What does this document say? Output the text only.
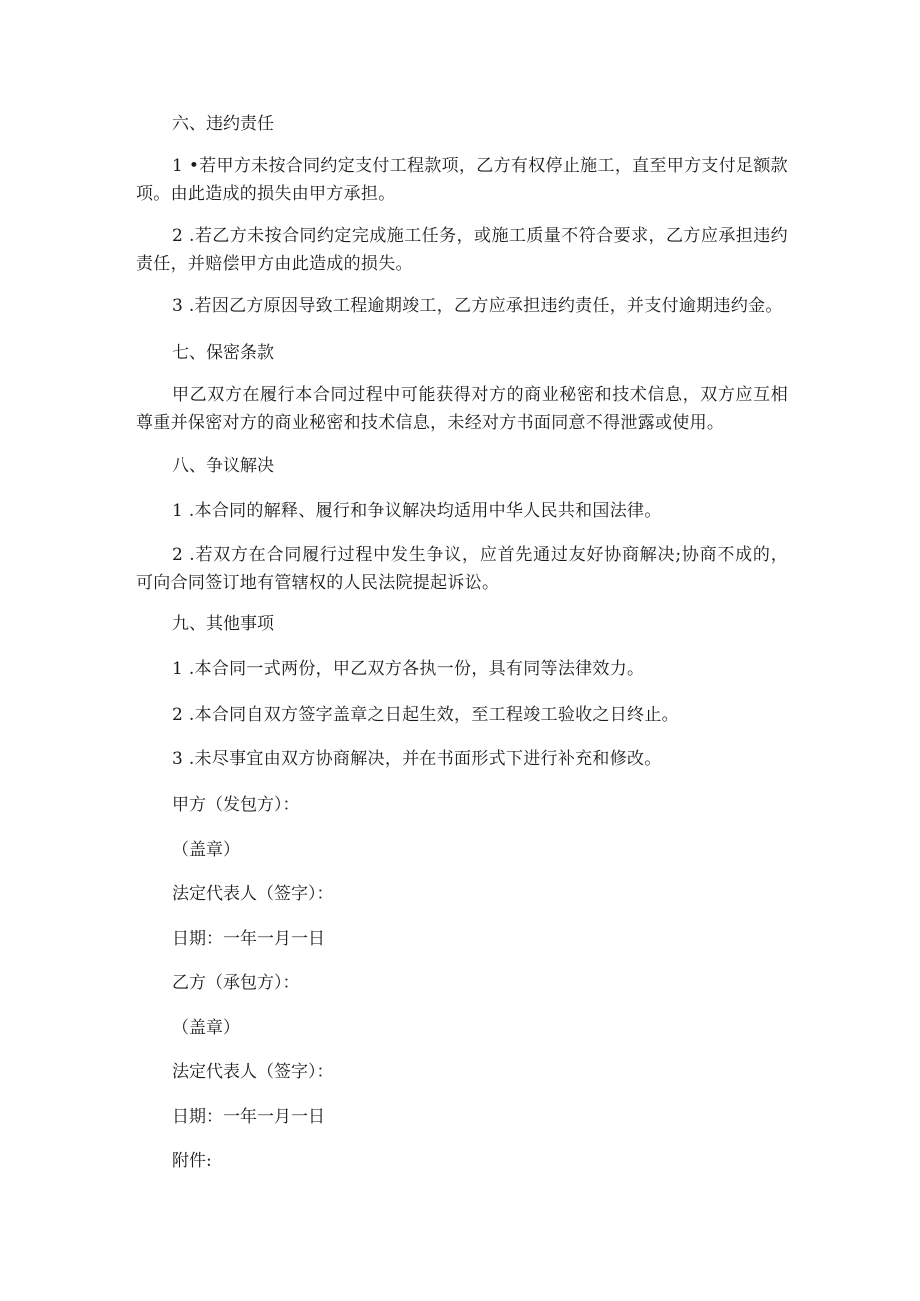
六、违约责任
1 •若甲方未按合同约定支付工程款项，乙方有权停止施工，直至甲方支付足额款项。由此造成的损失由甲方承担。
2 .若乙方未按合同约定完成施工任务，或施工质量不符合要求，乙方应承担违约责任，并赔偿甲方由此造成的损失。
3 .若因乙方原因导致工程逾期竣工，乙方应承担违约责任，并支付逾期违约金。
七、保密条款
甲乙双方在履行本合同过程中可能获得对方的商业秘密和技术信息，双方应互相尊重并保密对方的商业秘密和技术信息，未经对方书面同意不得泄露或使用。
八、争议解决
1 .本合同的解释、履行和争议解决均适用中华人民共和国法律。
2 .若双方在合同履行过程中发生争议，应首先通过友好协商解决;协商不成的，可向合同签订地有管辖权的人民法院提起诉讼。
九、其他事项
1 .本合同一式两份，甲乙双方各执一份，具有同等法律效力。
2 .本合同自双方签字盖章之日起生效，至工程竣工验收之日终止。
3 .未尽事宜由双方协商解决，并在书面形式下进行补充和修改。
甲方（发包方）：
（盖章）
法定代表人（签字）：
日期：一年一月一日
乙方（承包方）：
（盖章）
法定代表人（签字）：
日期：一年一月一日
附件:
